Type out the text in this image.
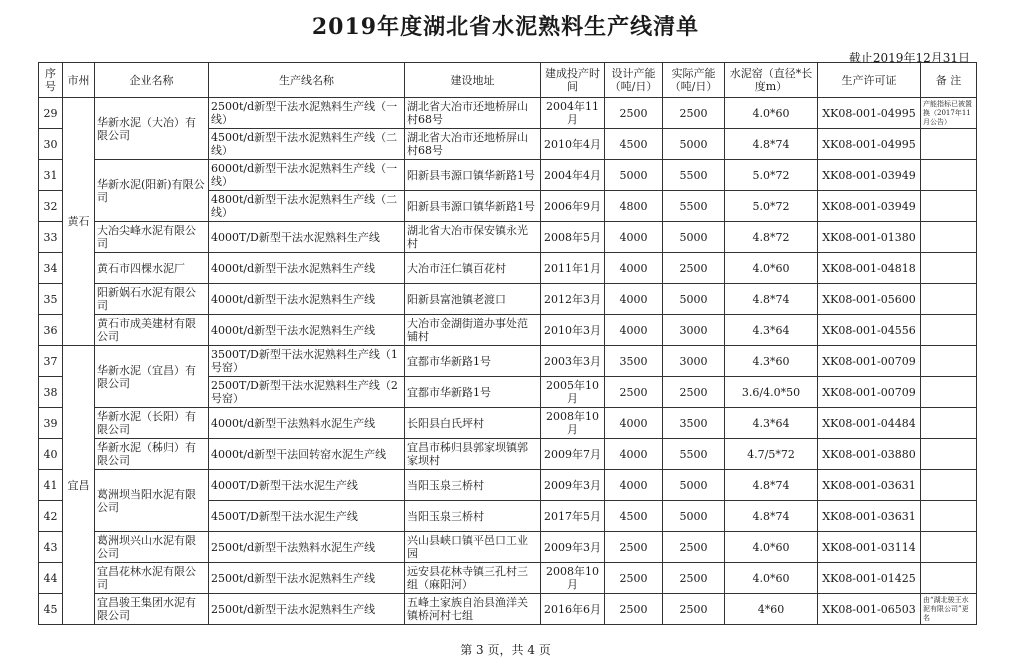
2019年度湖北省水泥熟料生产线清单
截止2019年12月31日
序号	市州	企业名称	生产线名称	建设地址	建成投产时间	设计产能（吨/日）	实际产能（吨/日）	水泥窑（直径*长度m）	生产许可证	备 注
29	黄石	华新水泥（大冶）有限公司	2500t/d新型干法水泥熟料生产线（一线）	湖北省大冶市还地桥屏山村68号	2004年11月	2500	2500	4.0*60	XK08-001-04995	产能指标已被置换（2017年11月公告）
30			4500t/d新型干法水泥熟料生产线（二线）	湖北省大冶市还地桥屏山村68号	2010年4月	4500	5000	4.8*74	XK08-001-04995	
31		华新水泥(阳新)有限公司	6000t/d新型干法水泥熟料生产线（一线）	阳新县韦源口镇华新路1号	2004年4月	5000	5500	5.0*72	XK08-001-03949	
32			4800t/d新型干法水泥熟料生产线（二线）	阳新县韦源口镇华新路1号	2006年9月	4800	5500	5.0*72	XK08-001-03949	
33		大冶尖峰水泥有限公司	4000T/D新型干法水泥熟料生产线	湖北省大冶市保安镇永光村	2008年5月	4000	5000	4.8*72	XK08-001-01380	
34		黄石市四棵水泥厂	4000t/d新型干法水泥熟料生产线	大冶市汪仁镇百花村	2011年1月	4000	2500	4.0*60	XK08-001-04818	
35		阳新娲石水泥有限公司	4000t/d新型干法水泥熟料生产线	阳新县富池镇老渡口	2012年3月	4000	5000	4.8*74	XK08-001-05600	
36		黄石市成美建材有限公司	4000t/d新型干法水泥熟料生产线	大冶市金湖街道办事处范铺村	2010年3月	4000	3000	4.3*64	XK08-001-04556	
37	宜昌	华新水泥（宜昌）有限公司	3500T/D新型干法水泥熟料生产线（1号窑）	宜都市华新路1号	2003年3月	3500	3000	4.3*60	XK08-001-00709	
38			2500T/D新型干法水泥熟料生产线（2号窑）	宜都市华新路1号	2005年10月	2500	2500	3.6/4.0*50	XK08-001-00709	
39		华新水泥（长阳）有限公司	4000t/d新型干法熟料水泥生产线	长阳县白氏坪村	2008年10月	4000	3500	4.3*64	XK08-001-04484	
40		华新水泥（秭归）有限公司	4000t/d新型干法回转窑水泥生产线	宜昌市秭归县郭家坝镇郭家坝村	2009年7月	4000	5500	4.7/5*72	XK08-001-03880	
41		葛洲坝当阳水泥有限公司	4000T/D新型干法水泥生产线	当阳玉泉三桥村	2009年3月	4000	5000	4.8*74	XK08-001-03631	
42			4500T/D新型干法水泥生产线	当阳玉泉三桥村	2017年5月	4500	5000	4.8*74	XK08-001-03631	
43		葛洲坝兴山水泥有限公司	2500t/d新型干法熟料水泥生产线	兴山县峡口镇平邑口工业园	2009年3月	2500	2500	4.0*60	XK08-001-03114	
44		宜昌花林水泥有限公司	2500t/d新型干法水泥熟料生产线	远安县花林寺镇三孔村三组（麻阳河）	2008年10月	2500	2500	4.0*60	XK08-001-01425	
45		宜昌骏王集团水泥有限公司	2500t/d新型干法水泥熟料生产线	五峰土家族自治县渔洋关镇桥河村七组	2016年6月	2500	2500	4*60	XK08-001-06503	由“湖北骏王水泥有限公司”更名
第 3 页，共 4 页
